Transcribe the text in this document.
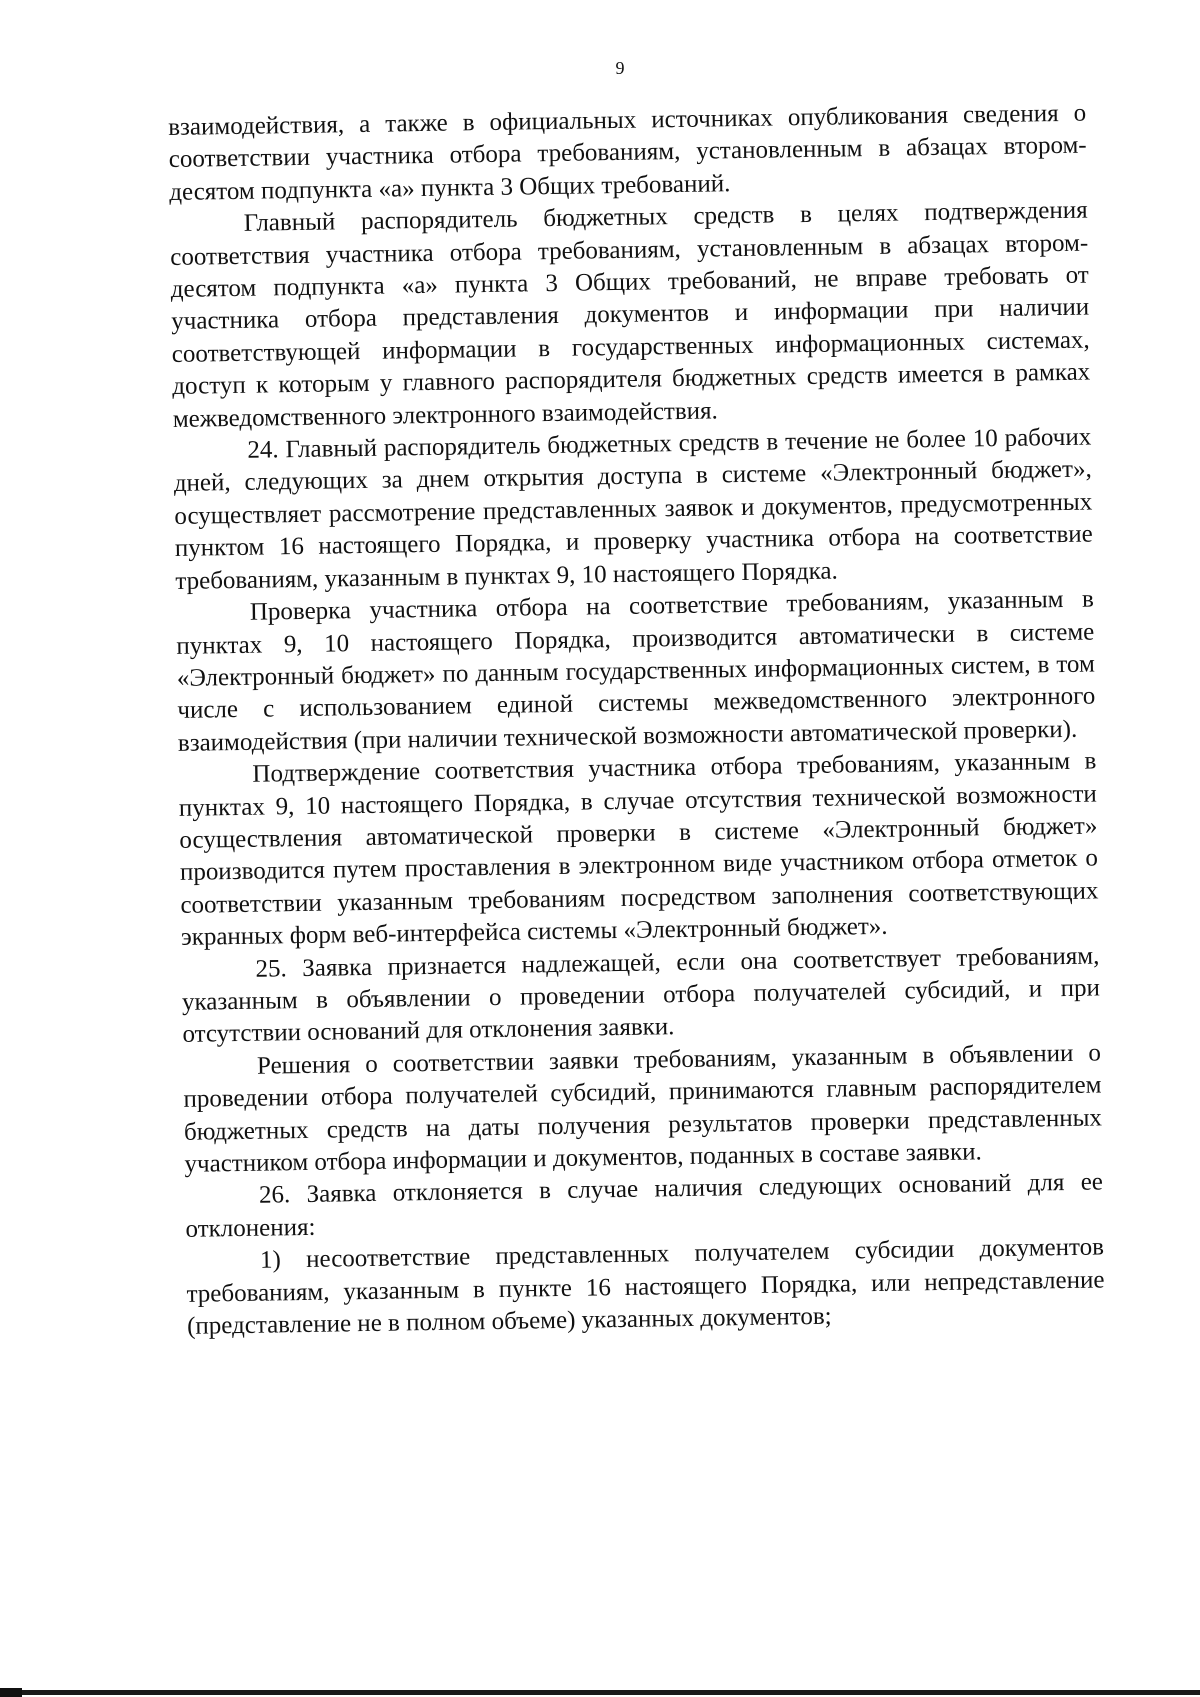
9

взаимодействия, а также в официальных источниках опубликования сведения о соответствии участника отбора требованиям, установленным в абзацах втором-десятом подпункта «а» пункта 3 Общих требований.

Главный распорядитель бюджетных средств в целях подтверждения соответствия участника отбора требованиям, установленным в абзацах втором-десятом подпункта «а» пункта 3 Общих требований, не вправе требовать от участника отбора представления документов и информации при наличии соответствующей информации в государственных информационных системах, доступ к которым у главного распорядителя бюджетных средств имеется в рамках межведомственного электронного взаимодействия.

24. Главный распорядитель бюджетных средств в течение не более 10 рабочих дней, следующих за днем открытия доступа в системе «Электронный бюджет», осуществляет рассмотрение представленных заявок и документов, предусмотренных пунктом 16 настоящего Порядка, и проверку участника отбора на соответствие требованиям, указанным в пунктах 9, 10 настоящего Порядка.

Проверка участника отбора на соответствие требованиям, указанным в пунктах 9, 10 настоящего Порядка, производится автоматически в системе «Электронный бюджет» по данным государственных информационных систем, в том числе с использованием единой системы межведомственного электронного взаимодействия (при наличии технической возможности автоматической проверки).

Подтверждение соответствия участника отбора требованиям, указанным в пунктах 9, 10 настоящего Порядка, в случае отсутствия технической возможности осуществления автоматической проверки в системе «Электронный бюджет» производится путем проставления в электронном виде участником отбора отметок о соответствии указанным требованиям посредством заполнения соответствующих экранных форм веб-интерфейса системы «Электронный бюджет».

25. Заявка признается надлежащей, если она соответствует требованиям, указанным в объявлении о проведении отбора получателей субсидий, и при отсутствии оснований для отклонения заявки.

Решения о соответствии заявки требованиям, указанным в объявлении о проведении отбора получателей субсидий, принимаются главным распорядителем бюджетных средств на даты получения результатов проверки представленных участником отбора информации и документов, поданных в составе заявки.

26. Заявка отклоняется в случае наличия следующих оснований для ее отклонения:

1) несоответствие представленных получателем субсидии документов требованиям, указанным в пункте 16 настоящего Порядка, или непредставление (представление не в полном объеме) указанных документов;
